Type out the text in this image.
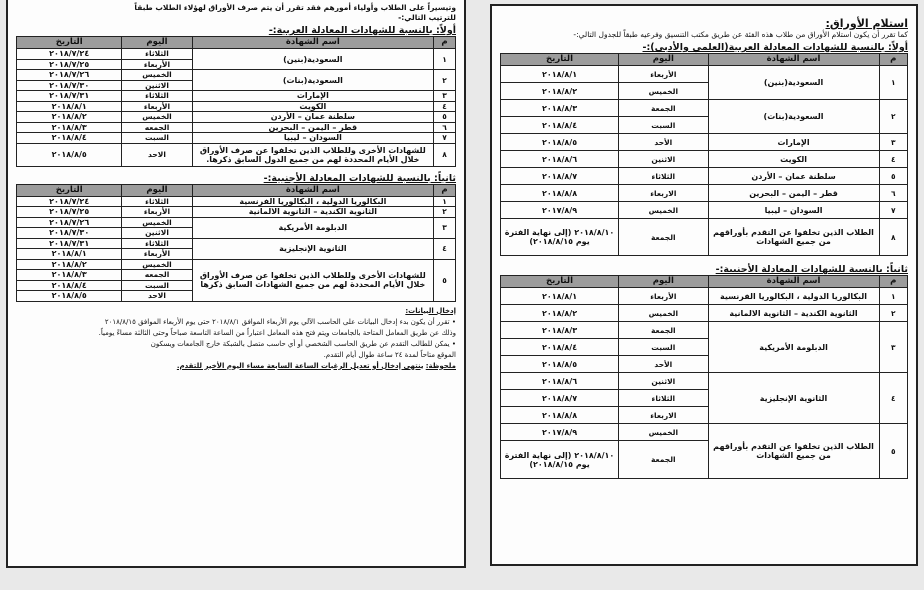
وتيسيراً على الطلاب وأولياء أمورهم فقد تقرر أن يتم صرف الأوراق لهؤلاء الطلاب طبقاً
للترتيب التالي:-
أولاً: بالنسبة للشهادات المعادلة العربية:-
م	اسم الشهادة	اليوم	التاريخ
١	السعودية(بنين)	الثلاثاء	٢٠١٨/٧/٢٤
		الأربعاء	٢٠١٨/٧/٢٥
٢	السعودية(بنات)	الخميس	٢٠١٨/٧/٢٦
		الاثنين	٢٠١٨/٧/٣٠
٣	الإمارات	الثلاثاء	٢٠١٨/٧/٣١
٤	الكويت	الأربعاء	٢٠١٨/٨/١
٥	سلطنة عمان – الأردن	الخميس	٢٠١٨/٨/٢
٦	قطر – اليمن – البحرين	الجمعه	٢٠١٨/٨/٣
٧	السودان – ليبيا	السبت	٢٠١٨/٨/٤
٨	للشهادات الأخرى وللطلاب الذين تخلفوا عن صرف الأوراق خلال الأيام المحددة لهم من جميع الدول السابق ذكرها.	الاحد	٢٠١٨/٨/٥
ثانياً: بالنسبة للشهادات المعادلة الأجنبية:-
م	اسم الشهادة	اليوم	التاريخ
١	البكالوريا الدولية ، البكالوريا الفرنسية	الثلاثاء	٢٠١٨/٧/٢٤
٢	الثانوية الكندية – الثانوية الالمانية	الأربعاء	٢٠١٨/٧/٢٥
٣	الدبلومة الأمريكية	الخميس	٢٠١٨/٧/٢٦
		الاثنين	٢٠١٨/٧/٣٠
٤	الثانوية الإنجليزية	الثلاثاء	٢٠١٨/٧/٣١
		الأربعاء	٢٠١٨/٨/١
٥	للشهادات الأخرى وللطلاب الذين تخلفوا عن صرف الأوراق خلال الأيام المحددة لهم من جميع الشهادات السابق ذكرها	الخميس	٢٠١٨/٨/٢
		الجمعه	٢٠١٨/٨/٣
		السبت	٢٠١٨/٨/٤
		الاحد	٢٠١٨/٨/٥

إدخال البيانات:

• تقرر أن يكون بدء إدخال البيانات على الحاسب الآلي يوم الأربعاء الموافق ٢٠١٨/٨/١ حتى يوم الأربعاء الموافق ٢٠١٨/٨/١٥

وذلك عن طريق المعامل المتاحة بالجامعات ويتم فتح هذه المعامل اعتباراً من الساعة التاسعة صباحاً وحتى الثالثة مساءً يومياً.

• يمكن للطالب التقدم عن طريق الحاسب الشخصي أو أي حاسب متصل بالشبكة خارج الجامعات ويسكون

الموقع متاحاً لمدة ٢٤ ساعة طوال أيام التقدم.

ملحوظة: ينتهي إدخال أو تعديل الرغبات الساعة السابعة مساء اليوم الأخير للتقدم.

استلام الأوراق:
كما تقرر أن يكون استلام الأوراق من طلاب هذه الفئة عن طريق مكتب التنسيق وفرعيه طبقاً للجدول التالي:-
أولاً: بالنسبة للشهادات المعادلة العربية(العلمي والأدبي):-
م	اسم الشهادة	اليوم	التاريخ
١	السعودية(بنين)	الأربعاء	٢٠١٨/٨/١
		الخميس	٢٠١٨/٨/٢
٢	السعودية(بنات)	الجمعة	٢٠١٨/٨/٣
		السبت	٢٠١٨/٨/٤
٣	الإمارات	الأحد	٢٠١٨/٨/٥
٤	الكويت	الاثنين	٢٠١٨/٨/٦
٥	سلطنة عمان – الأردن	الثلاثاء	٢٠١٨/٨/٧
٦	قطر – اليمن – البحرين	الاربعاء	٢٠١٨/٨/٨
٧	السودان – ليبيا	الخميس	٢٠١٧/٨/٩
٨	الطلاب الذين تخلفوا عن التقدم بأوراقهم من جميع الشهادات	الجمعة	٢٠١٨/٨/١٠ (إلى نهاية الفترة يوم ٢٠١٨/٨/١٥)
ثانياً: بالنسبة للشهادات المعادلة الأجنبية:-
م	اسم الشهادة	اليوم	التاريخ
١	البكالوريا الدولية ، البكالوريا الفرنسية	الأربعاء	٢٠١٨/٨/١
٢	الثانوية الكندية – الثانوية الالمانية	الخميس	٢٠١٨/٨/٢
٣	الدبلومة الأمريكية	الجمعة	٢٠١٨/٨/٣
		السبت	٢٠١٨/٨/٤
		الأحد	٢٠١٨/٨/٥
٤	الثانوية الإنجليزية	الاثنين	٢٠١٨/٨/٦
		الثلاثاء	٢٠١٨/٨/٧
		الاربعاء	٢٠١٨/٨/٨
٥	الطلاب الذين تخلفوا عن التقدم بأوراقهم من جميع الشهادات	الخميس	٢٠١٧/٨/٩
		الجمعة	٢٠١٨/٨/١٠ (إلى نهاية الفترة يوم ٢٠١٨/٨/١٥)
